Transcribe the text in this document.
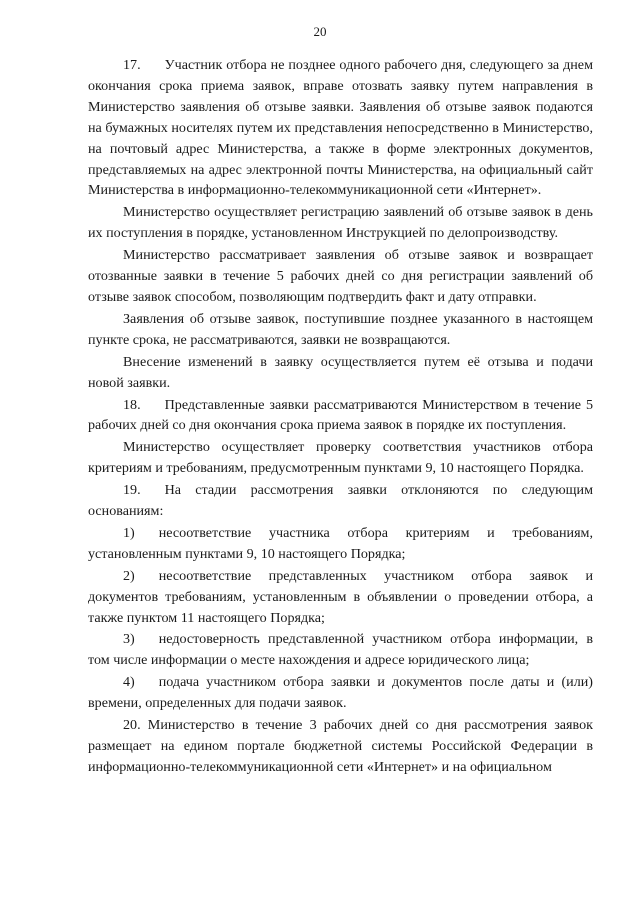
20

17. Участник отбора не позднее одного рабочего дня, следующего за днем окончания срока приема заявок, вправе отозвать заявку путем направления в Министерство заявления об отзыве заявки. Заявления об отзыве заявок подаются на бумажных носителях путем их представления непосредственно в Министерство, на почтовый адрес Министерства, а также в форме электронных документов, представляемых на адрес электронной почты Министерства, на официальный сайт Министерства в информационно-телекоммуникационной сети «Интернет».

Министерство осуществляет регистрацию заявлений об отзыве заявок в день их поступления в порядке, установленном Инструкцией по делопроизводству.

Министерство рассматривает заявления об отзыве заявок и возвращает отозванные заявки в течение 5 рабочих дней со дня регистрации заявлений об отзыве заявок способом, позволяющим подтвердить факт и дату отправки.

Заявления об отзыве заявок, поступившие позднее указанного в настоящем пункте срока, не рассматриваются, заявки не возвращаются.

Внесение изменений в заявку осуществляется путем её отзыва и подачи новой заявки.

18. Представленные заявки рассматриваются Министерством в течение 5 рабочих дней со дня окончания срока приема заявок в порядке их поступления.

Министерство осуществляет проверку соответствия участников отбора критериям и требованиям, предусмотренным пунктами 9, 10 настоящего Порядка.

19. На стадии рассмотрения заявки отклоняются по следующим основаниям:

1) несоответствие участника отбора критериям и требованиям, установленным пунктами 9, 10 настоящего Порядка;

2) несоответствие представленных участником отбора заявок и документов требованиям, установленным в объявлении о проведении отбора, а также пунктом 11 настоящего Порядка;

3) недостоверность представленной участником отбора информации, в том числе информации о месте нахождения и адресе юридического лица;

4) подача участником отбора заявки и документов после даты и (или) времени, определенных для подачи заявок.

20. Министерство в течение 3 рабочих дней со дня рассмотрения заявок размещает на едином портале бюджетной системы Российской Федерации в информационно-телекоммуникационной сети «Интернет» и на официальном
